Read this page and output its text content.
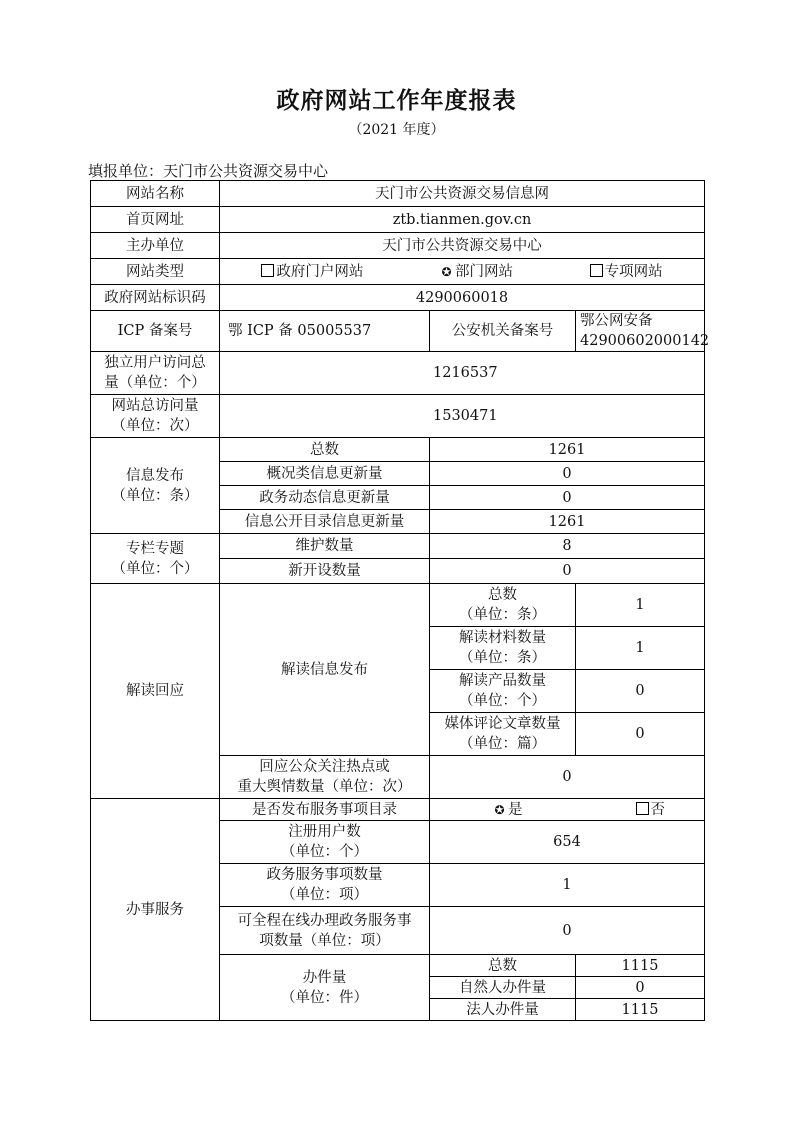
政府网站工作年度报表
（2021 年度）
填报单位：天门市公共资源交易中心
网站名称	天门市公共资源交易信息网		
首页网址	ztb.tianmen.gov.cn		
主办单位	天门市公共资源交易中心		
网站类型	政府门户网站 ✪ 部门网站 专项网站		

政府网站标识码	4290060018		
ICP 备案号	鄂 ICP 备 05005537	公安机关备案号	鄂公网安备
42900602000142

独立用户访问总
量（单位：个）	1216537		

网站总访问量
（单位：次）	1530471		

信息发布
（单位：条）	总数	1261	
	概况类信息更新量	0	
	政务动态信息更新量	0	
	信息公开目录信息更新量	1261	

专栏专题
（单位：个）	维护数量	8	
	新开设数量	0	
解读回应	解读信息发布	总数
（单位：条）	1

		解读材料数量
（单位：条）	1

		解读产品数量
（单位：个）	0

		媒体评论文章数量
（单位：篇）	0

	回应公众关注热点或
重大舆情数量（单位：次）	0	
办事服务	是否发布服务事项目录	✪ 是 否	

	注册用户数
（单位：个）	654	

	政务服务事项数量
（单位：项）	1	

	可全程在线办理政务服务事
项数量（单位：项）	0	

	办件量
（单位：件）	总数	1115
		自然人办件量	0
		法人办件量	1115
